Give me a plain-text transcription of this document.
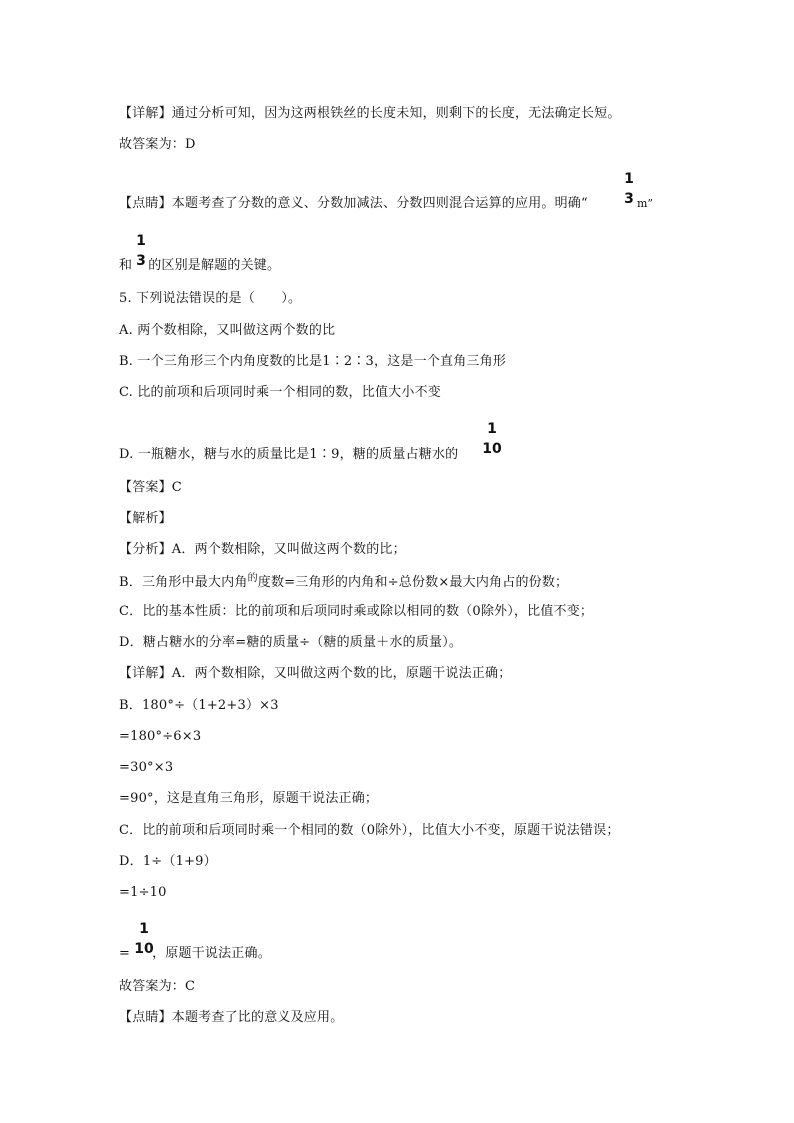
【详解】通过分析可知，因为这两根铁丝的长度未知，则剩下的长度，无法确定长短。
故答案为：D
【点睛】本题考查了分数的意义、分数加减法、分数四则混合运算的应用。明确“
1
3 m”
1
3
和 的区别是解题的关键。
5. 下列说法错误的是（　　）。
A. 两个数相除，又叫做这两个数的比
B. 一个三角形三个内角度数的比是1∶2∶3，这是一个直角三角形
C. 比的前项和后项同时乘一个相同的数，比值大小不变
D. 一瓶糖水，糖与水的质量比是1∶9，糖的质量占糖水的
1
10
【答案】C
【解析】
【分析】A．两个数相除，又叫做这两个数的比；
B．三角形中最大内角$^的$度数=三角形的内角和÷总份数×最大内角占的份数；
C．比的基本性质：比的前项和后项同时乘或除以相同的数（0除外），比值不变；
D．糖占糖水的分率=糖的质量÷（糖的质量＋水的质量）。
【详解】A．两个数相除，又叫做这两个数的比，原题干说法正确；
B．180°÷（1+2+3）×3
=180°÷6×3
=30°×3
=90°，这是直角三角形，原题干说法正确；
C．比的前项和后项同时乘一个相同的数（0除外），比值大小不变，原题干说法错误；
D．1÷（1+9）
=1÷10
1
10
= ，原题干说法正确。
故答案为：C
【点睛】本题考查了比的意义及应用。
